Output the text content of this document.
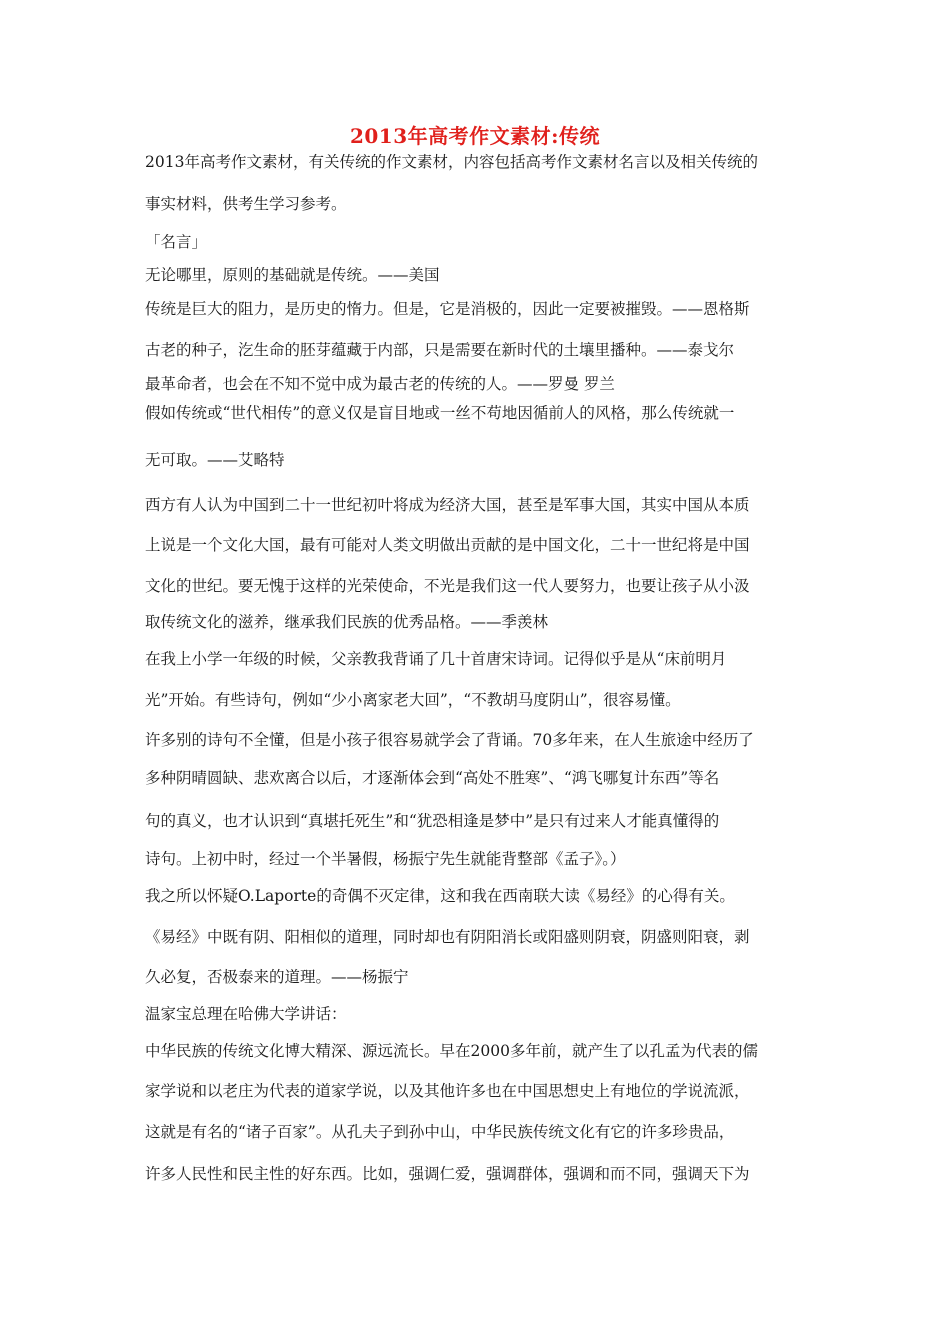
2013年高考作文素材:传统
2013年高考作文素材，有关传统的作文素材，内容包括高考作文素材名言以及相关传统的
事实材料，供考生学习参考。
「名言」
无论哪里，原则的基础就是传统。——美国
传统是巨大的阻力，是历史的惰力。但是，它是消极的，因此一定要被摧毁。——恩格斯
古老的种子，汔生命的胚芽蕴藏于内部，只是需要在新时代的土壤里播种。——泰戈尔
最革命者，也会在不知不觉中成为最古老的传统的人。——罗曼 罗兰
假如传统或“世代相传”的意义仅是盲目地或一丝不苟地因循前人的风格，那么传统就一
无可取。——艾略特
西方有人认为中国到二十一世纪初叶将成为经济大国，甚至是军事大国，其实中国从本质
上说是一个文化大国，最有可能对人类文明做出贡献的是中国文化，二十一世纪将是中国
文化的世纪。要无愧于这样的光荣使命，不光是我们这一代人要努力，也要让孩子从小汲
取传统文化的滋养，继承我们民族的优秀品格。——季羡林
在我上小学一年级的时候，父亲教我背诵了几十首唐宋诗词。记得似乎是从“床前明月
光”开始。有些诗句，例如“少小离家老大回”，“不教胡马度阴山”，很容易懂。
许多别的诗句不全懂，但是小孩子很容易就学会了背诵。70多年来，在人生旅途中经历了
多种阴晴圆缺、悲欢离合以后，才逐渐体会到“高处不胜寒”、“鸿飞哪复计东西”等名
句的真义，也才认识到“真堪托死生”和“犹恐相逢是梦中”是只有过来人才能真懂得的
诗句。上初中时，经过一个半暑假，杨振宁先生就能背整部《孟子》。）
我之所以怀疑O.Laporte的奇偶不灭定律，这和我在西南联大读《易经》的心得有关。
《易经》中既有阴、阳相似的道理，同时却也有阴阳消长或阳盛则阴衰，阴盛则阳衰，剥
久必复，否极泰来的道理。——杨振宁
温家宝总理在哈佛大学讲话：
中华民族的传统文化博大精深、源远流长。早在2000多年前，就产生了以孔孟为代表的儒
家学说和以老庄为代表的道家学说，以及其他许多也在中国思想史上有地位的学说流派，
这就是有名的“诸子百家”。从孔夫子到孙中山，中华民族传统文化有它的许多珍贵品，
许多人民性和民主性的好东西。比如，强调仁爱，强调群体，强调和而不同，强调天下为
